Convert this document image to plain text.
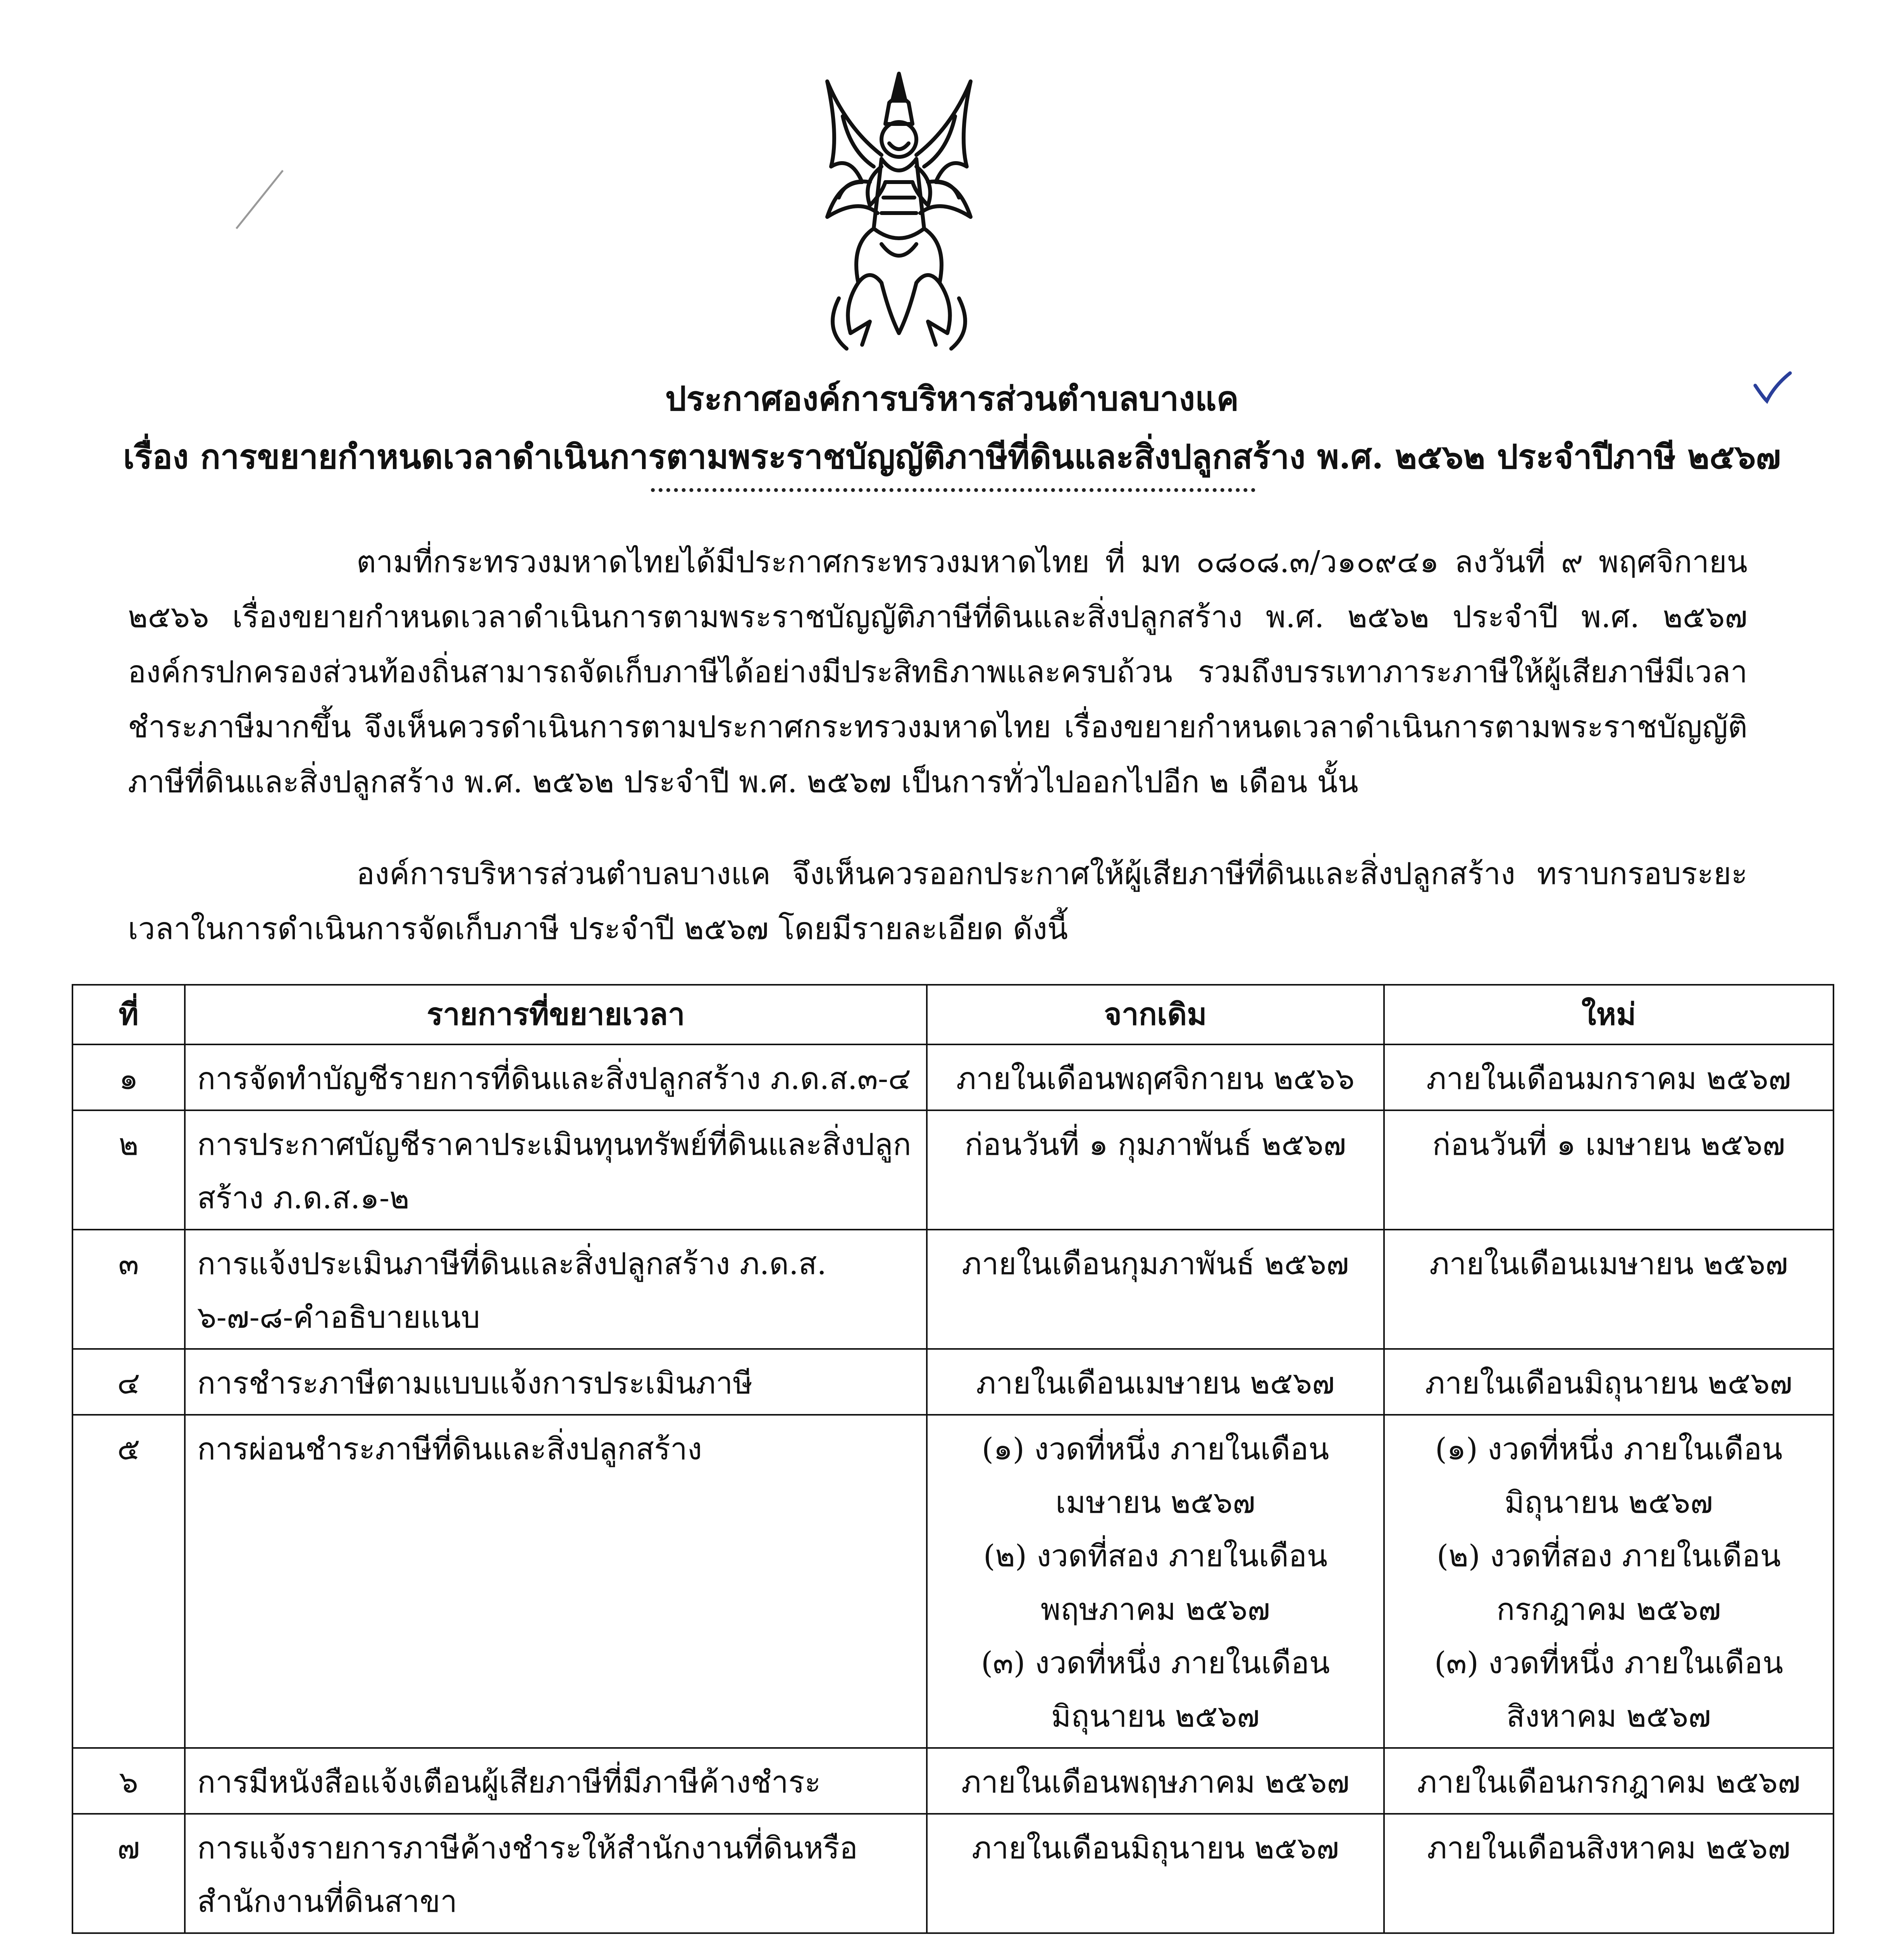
ประกาศองค์การบริหารส่วนตำบลบางแค
เรื่อง การขยายกำหนดเวลาดำเนินการตามพระราชบัญญัติภาษีที่ดินและสิ่งปลูกสร้าง พ.ศ. ๒๕๖๒ ประจำปีภาษี ๒๕๖๗

ตามที่กระทรวงมหาดไทยได้มีประกาศกระทรวงมหาดไทย ที่ มท ๐๘๐๘.๓/ว๑๐๙๔๑ ลงวันที่ ๙ พฤศจิกายน ๒๕๖๖ เรื่องขยายกำหนดเวลาดำเนินการตามพระราชบัญญัติภาษีที่ดินและสิ่งปลูกสร้าง พ.ศ. ๒๕๖๒ ประจำปี พ.ศ. ๒๕๖๗ องค์กรปกครองส่วนท้องถิ่นสามารถจัดเก็บภาษีได้อย่างมีประสิทธิภาพและครบถ้วน รวมถึงบรรเทาภาระภาษีให้ผู้เสียภาษีมีเวลาชำระภาษีมากขึ้น จึงเห็นควรดำเนินการตามประกาศกระทรวงมหาดไทย เรื่องขยายกำหนดเวลาดำเนินการตามพระราชบัญญัติภาษีที่ดินและสิ่งปลูกสร้าง พ.ศ. ๒๕๖๒ ประจำปี พ.ศ. ๒๕๖๗ เป็นการทั่วไปออกไปอีก ๒ เดือน นั้น

องค์การบริหารส่วนตำบลบางแค จึงเห็นควรออกประกาศให้ผู้เสียภาษีที่ดินและสิ่งปลูกสร้าง ทราบกรอบระยะเวลาในการดำเนินการจัดเก็บภาษี ประจำปี ๒๕๖๗ โดยมีรายละเอียด ดังนี้

ที่	รายการที่ขยายเวลา	จากเดิม	ใหม่
๑	การจัดทำบัญชีรายการที่ดินและสิ่งปลูกสร้าง ภ.ด.ส.๓-๔	ภายในเดือนพฤศจิกายน ๒๕๖๖	ภายในเดือนมกราคม ๒๕๖๗
๒	การประกาศบัญชีราคาประเมินทุนทรัพย์ที่ดินและสิ่งปลูกสร้าง ภ.ด.ส.๑-๒	ก่อนวันที่ ๑ กุมภาพันธ์ ๒๕๖๗	ก่อนวันที่ ๑ เมษายน ๒๕๖๗
๓	การแจ้งประเมินภาษีที่ดินและสิ่งปลูกสร้าง ภ.ด.ส. ๖-๗-๘-คำอธิบายแนบ	ภายในเดือนกุมภาพันธ์ ๒๕๖๗	ภายในเดือนเมษายน ๒๕๖๗
๔	การชำระภาษีตามแบบแจ้งการประเมินภาษี	ภายในเดือนเมษายน ๒๕๖๗	ภายในเดือนมิถุนายน ๒๕๖๗
๕	การผ่อนชำระภาษีที่ดินและสิ่งปลูกสร้าง	(๑) งวดที่หนึ่ง ภายในเดือน เมษายน ๒๕๖๗
(๒) งวดที่สอง ภายในเดือน พฤษภาคม ๒๕๖๗
(๓) งวดที่หนึ่ง ภายในเดือน มิถุนายน ๒๕๖๗	(๑) งวดที่หนึ่ง ภายในเดือน มิถุนายน ๒๕๖๗
(๒) งวดที่สอง ภายในเดือน กรกฎาคม ๒๕๖๗
(๓) งวดที่หนึ่ง ภายในเดือน สิงหาคม ๒๕๖๗

๖	การมีหนังสือแจ้งเตือนผู้เสียภาษีที่มีภาษีค้างชำระ	ภายในเดือนพฤษภาคม ๒๕๖๗	ภายในเดือนกรกฎาคม ๒๕๖๗
๗	การแจ้งรายการภาษีค้างชำระให้สำนักงานที่ดินหรือสำนักงานที่ดินสาขา	ภายในเดือนมิถุนายน ๒๕๖๗	ภายในเดือนสิงหาคม ๒๕๖๗
